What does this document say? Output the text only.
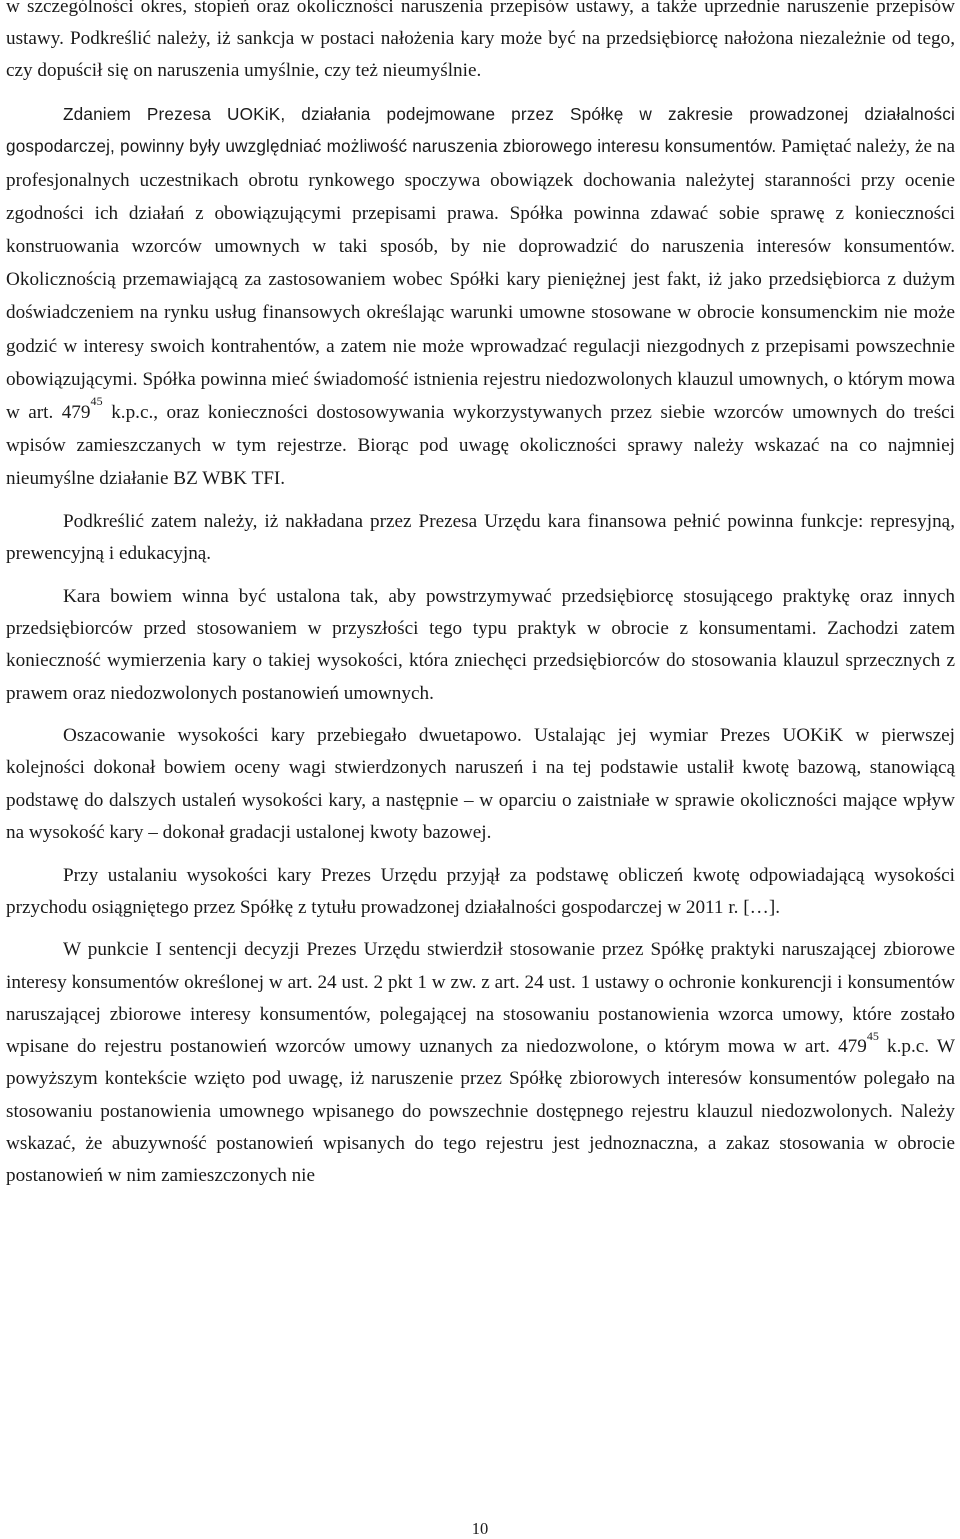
w szczególności okres, stopień oraz okoliczności naruszenia przepisów ustawy, a także uprzednie naruszenie przepisów ustawy. Podkreślić należy, iż sankcja w postaci nałożenia kary może być na przedsiębiorcę nałożona niezależnie od tego, czy dopuścił się on naruszenia umyślnie, czy też nieumyślnie.

Zdaniem Prezesa UOKiK, działania podejmowane przez Spółkę w zakresie prowadzonej działalności gospodarczej, powinny były uwzględniać możliwość naruszenia zbiorowego interesu konsumentów. Pamiętać należy, że na profesjonalnych uczestnikach obrotu rynkowego spoczywa obowiązek dochowania należytej staranności przy ocenie zgodności ich działań z obowiązującymi przepisami prawa. Spółka powinna zdawać sobie sprawę z konieczności konstruowania wzorców umownych w taki sposób, by nie doprowadzić do naruszenia interesów konsumentów. Okolicznością przemawiającą za zastosowaniem wobec Spółki kary pieniężnej jest fakt, iż jako przedsiębiorca z dużym doświadczeniem na rynku usług finansowych określając warunki umowne stosowane w obrocie konsumenckim nie może godzić w interesy swoich kontrahentów, a zatem nie może wprowadzać regulacji niezgodnych z przepisami powszechnie obowiązującymi. Spółka powinna mieć świadomość istnienia rejestru niedozwolonych klauzul umownych, o którym mowa w art. $479^{45}$ k.p.c., oraz konieczności dostosowywania wykorzystywanych przez siebie wzorców umownych do treści wpisów zamieszczanych w tym rejestrze. Biorąc pod uwagę okoliczności sprawy należy wskazać na co najmniej nieumyślne działanie BZ WBK TFI.

Podkreślić zatem należy, iż nakładana przez Prezesa Urzędu kara finansowa pełnić powinna funkcje: represyjną, prewencyjną i edukacyjną.

Kara bowiem winna być ustalona tak, aby powstrzymywać przedsiębiorcę stosującego praktykę oraz innych przedsiębiorców przed stosowaniem w przyszłości tego typu praktyk w obrocie z konsumentami. Zachodzi zatem konieczność wymierzenia kary o takiej wysokości, która zniechęci przedsiębiorców do stosowania klauzul sprzecznych z prawem oraz niedozwolonych postanowień umownych.

Oszacowanie wysokości kary przebiegało dwuetapowo. Ustalając jej wymiar Prezes UOKiK w pierwszej kolejności dokonał bowiem oceny wagi stwierdzonych naruszeń i na tej podstawie ustalił kwotę bazową, stanowiącą podstawę do dalszych ustaleń wysokości kary, a następnie – w oparciu o zaistniałe w sprawie okoliczności mające wpływ na wysokość kary – dokonał gradacji ustalonej kwoty bazowej.

Przy ustalaniu wysokości kary Prezes Urzędu przyjął za podstawę obliczeń kwotę odpowiadającą wysokości przychodu osiągniętego przez Spółkę z tytułu prowadzonej działalności gospodarczej w 2011 r. […].

W punkcie I sentencji decyzji Prezes Urzędu stwierdził stosowanie przez Spółkę praktyki naruszającej zbiorowe interesy konsumentów określonej w art. 24 ust. 2 pkt 1 w zw. z art. 24 ust. 1 ustawy o ochronie konkurencji i konsumentów naruszającej zbiorowe interesy konsumentów, polegającej na stosowaniu postanowienia wzorca umowy, które zostało wpisane do rejestru postanowień wzorców umowy uznanych za niedozwolone, o którym mowa w art. $479^{45}$ k.p.c. W powyższym kontekście wzięto pod uwagę, iż naruszenie przez Spółkę zbiorowych interesów konsumentów polegało na stosowaniu postanowienia umownego wpisanego do powszechnie dostępnego rejestru klauzul niedozwolonych. Należy wskazać, że abuzywność postanowień wpisanych do tego rejestru jest jednoznaczna, a zakaz stosowania w obrocie postanowień w nim zamieszczonych nie

10
